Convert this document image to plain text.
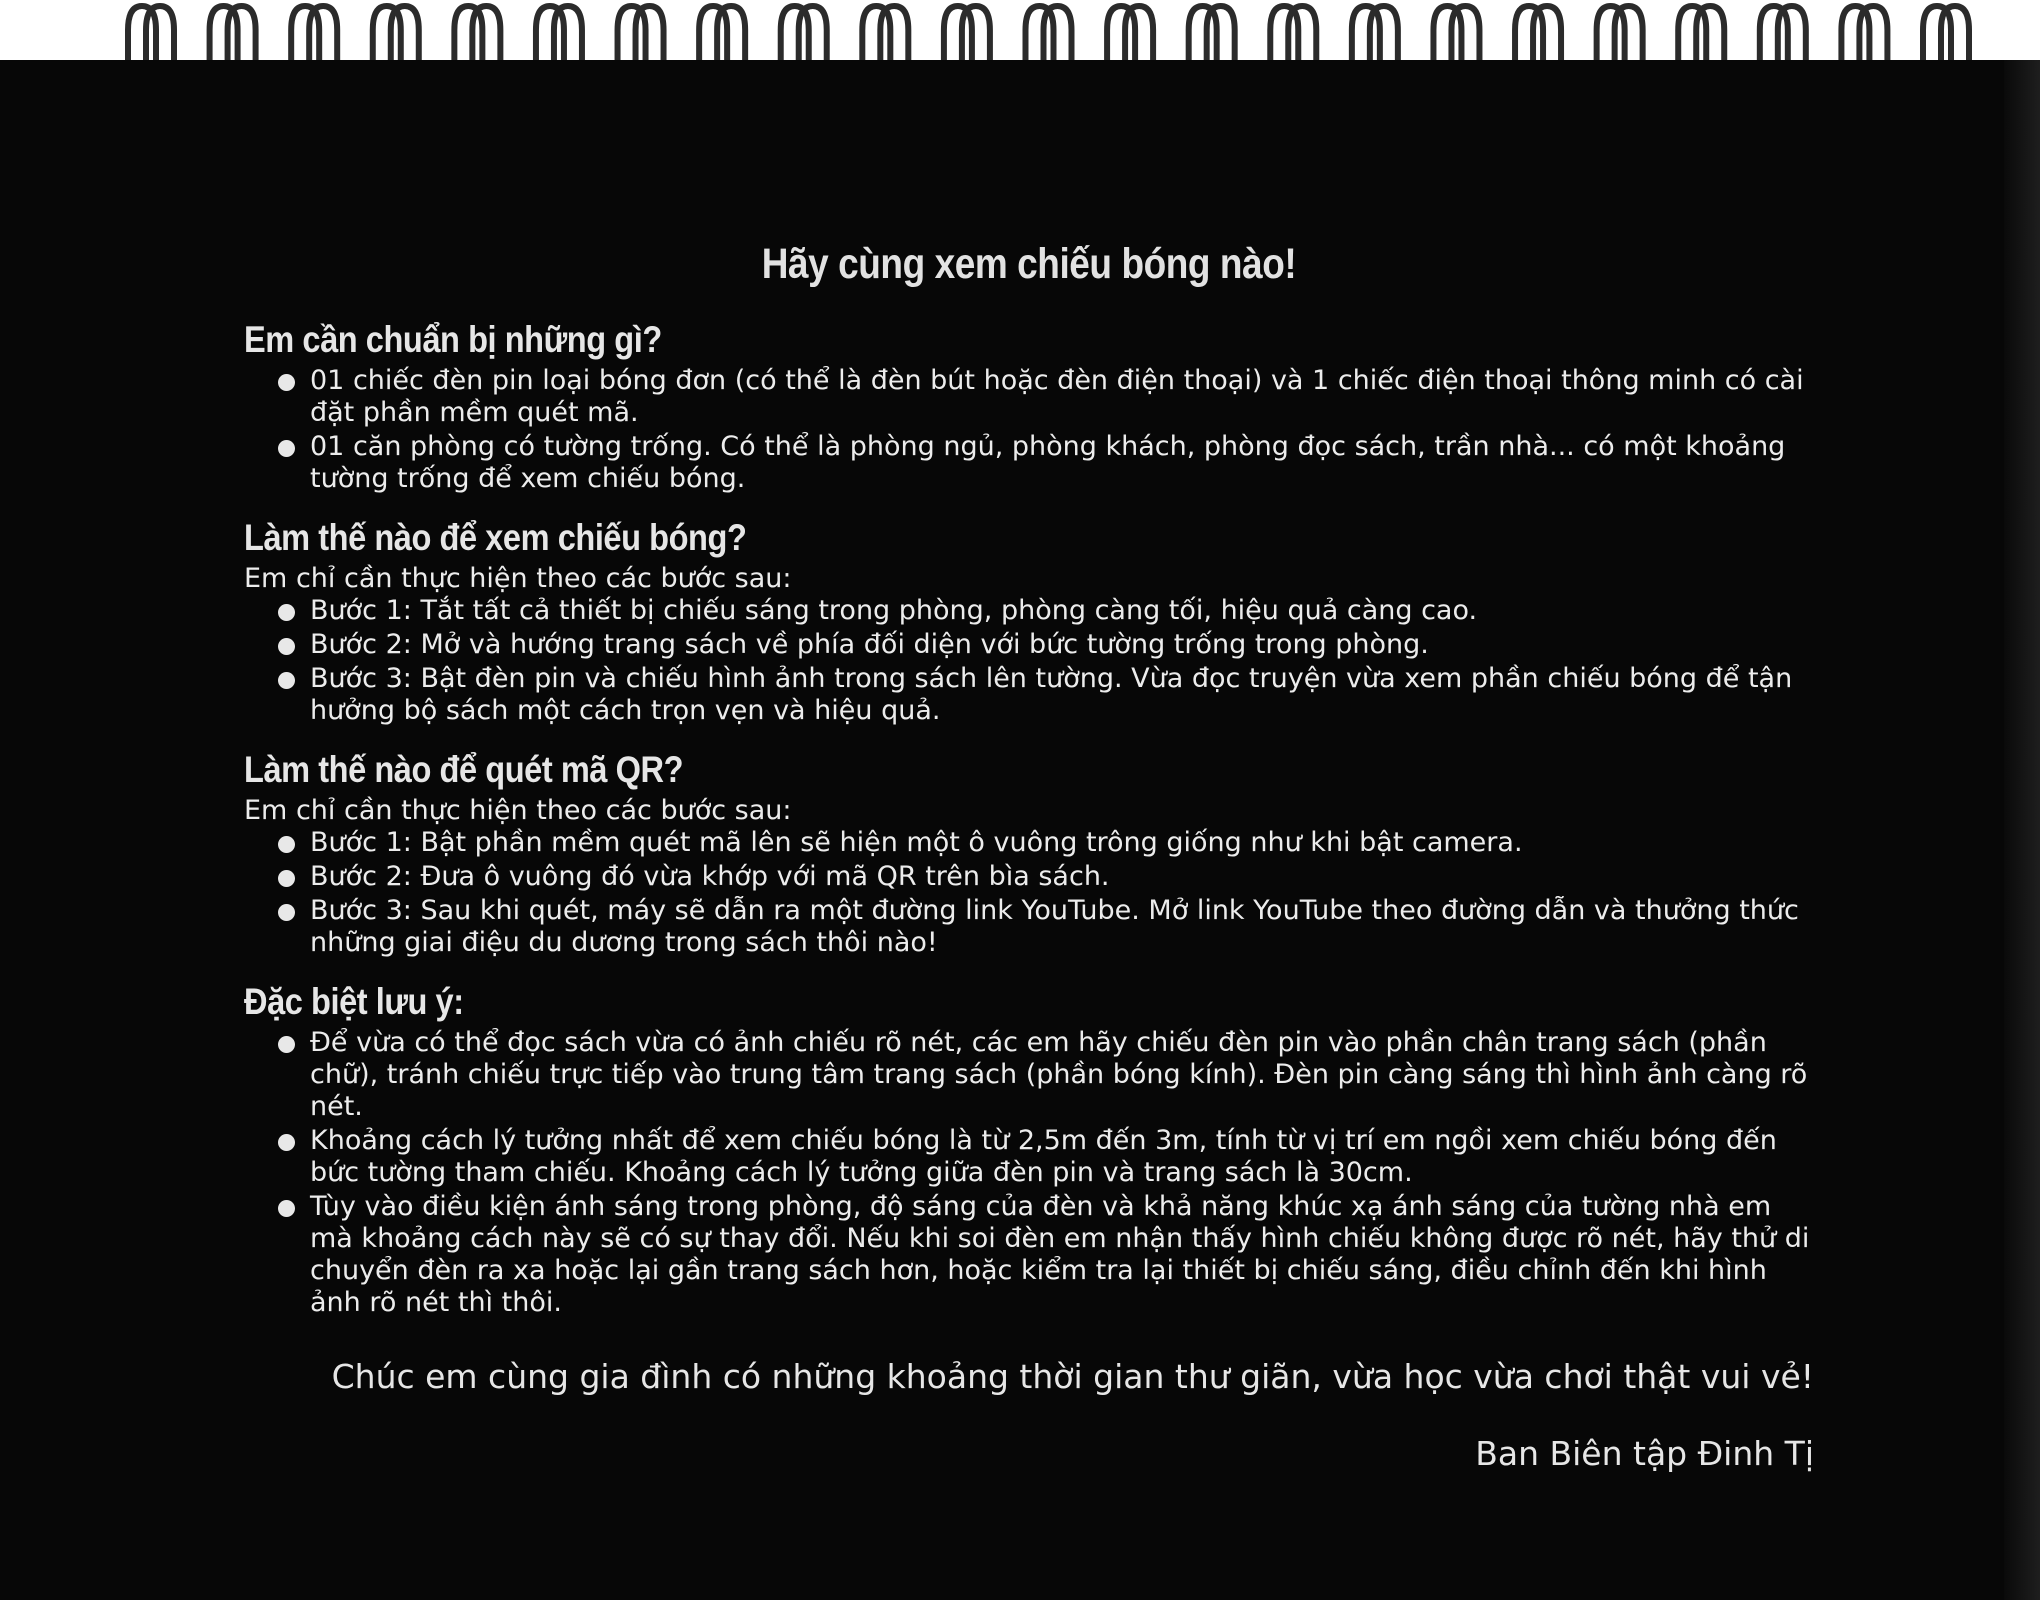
Hãy cùng xem chiếu bóng nào!
Em cần chuẩn bị những gì?
01 chiếc đèn pin loại bóng đơn (có thể là đèn bút hoặc đèn điện thoại) và 1 chiếc điện thoại thông minh có cài đặt phần mềm quét mã.
01 căn phòng có tường trống. Có thể là phòng ngủ, phòng khách, phòng đọc sách, trần nhà... có một khoảng tường trống để xem chiếu bóng.
Làm thế nào để xem chiếu bóng?

Em chỉ cần thực hiện theo các bước sau:

Bước 1: Tắt tất cả thiết bị chiếu sáng trong phòng, phòng càng tối, hiệu quả càng cao.
Bước 2: Mở và hướng trang sách về phía đối diện với bức tường trống trong phòng.
Bước 3: Bật đèn pin và chiếu hình ảnh trong sách lên tường. Vừa đọc truyện vừa xem phần chiếu bóng để tận hưởng bộ sách một cách trọn vẹn và hiệu quả.
Làm thế nào để quét mã QR?

Em chỉ cần thực hiện theo các bước sau:

Bước 1: Bật phần mềm quét mã lên sẽ hiện một ô vuông trông giống như khi bật camera.
Bước 2: Đưa ô vuông đó vừa khớp với mã QR trên bìa sách.
Bước 3: Sau khi quét, máy sẽ dẫn ra một đường link YouTube. Mở link YouTube theo đường dẫn và thưởng thức những giai điệu du dương trong sách thôi nào!
Đặc biệt lưu ý:
Để vừa có thể đọc sách vừa có ảnh chiếu rõ nét, các em hãy chiếu đèn pin vào phần chân trang sách (phần chữ), tránh chiếu trực tiếp vào trung tâm trang sách (phần bóng kính). Đèn pin càng sáng thì hình ảnh càng rõ nét.
Khoảng cách lý tưởng nhất để xem chiếu bóng là từ 2,5m đến 3m, tính từ vị trí em ngồi xem chiếu bóng đến bức tường tham chiếu. Khoảng cách lý tưởng giữa đèn pin và trang sách là 30cm.
Tùy vào điều kiện ánh sáng trong phòng, độ sáng của đèn và khả năng khúc xạ ánh sáng của tường nhà em mà khoảng cách này sẽ có sự thay đổi. Nếu khi soi đèn em nhận thấy hình chiếu không được rõ nét, hãy thử di chuyển đèn ra xa hoặc lại gần trang sách hơn, hoặc kiểm tra lại thiết bị chiếu sáng, điều chỉnh đến khi hình ảnh rõ nét thì thôi.

Chúc em cùng gia đình có những khoảng thời gian thư giãn, vừa học vừa chơi thật vui vẻ!

Ban Biên tập Đinh Tị
